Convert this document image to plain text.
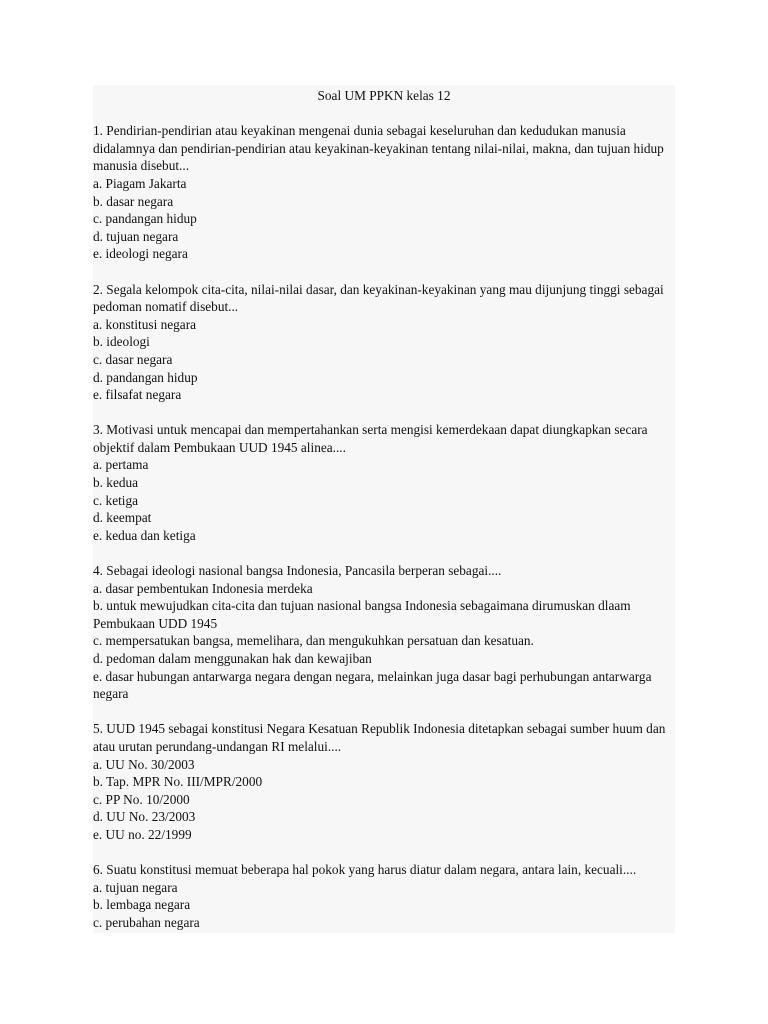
Soal UM PPKN kelas 12

1. Pendirian-pendirian atau keyakinan mengenai dunia sebagai keseluruhan dan kedudukan manusia didalamnya dan pendirian-pendirian atau keyakinan-keyakinan tentang nilai-nilai, makna, dan tujuan hidup manusia disebut...

a. Piagam Jakarta

b. dasar negara

c. pandangan hidup

d. tujuan negara

e. ideologi negara

2. Segala kelompok cita-cita, nilai-nilai dasar, dan keyakinan-keyakinan yang mau dijunjung tinggi sebagai pedoman nomatif disebut...

a. konstitusi negara

b. ideologi

c. dasar negara

d. pandangan hidup

e. filsafat negara

3. Motivasi untuk mencapai dan mempertahankan serta mengisi kemerdekaan dapat diungkapkan secara objektif dalam Pembukaan UUD 1945 alinea....

a. pertama

b. kedua

c. ketiga

d. keempat

e. kedua dan ketiga

4. Sebagai ideologi nasional bangsa Indonesia, Pancasila berperan sebagai....

a. dasar pembentukan Indonesia merdeka

b. untuk mewujudkan cita-cita dan tujuan nasional bangsa Indonesia sebagaimana dirumuskan dlaam Pembukaan UDD 1945

c. mempersatukan bangsa, memelihara, dan mengukuhkan persatuan dan kesatuan.

d. pedoman dalam menggunakan hak dan kewajiban

e. dasar hubungan antarwarga negara dengan negara, melainkan juga dasar bagi perhubungan antarwarga negara

5. UUD 1945 sebagai konstitusi Negara Kesatuan Republik Indonesia ditetapkan sebagai sumber huum dan atau urutan perundang-undangan RI melalui....

a. UU No. 30/2003

b. Tap. MPR No. III/MPR/2000

c. PP No. 10/2000

d. UU No. 23/2003

e. UU no. 22/1999

6. Suatu konstitusi memuat beberapa hal pokok yang harus diatur dalam negara, antara lain, kecuali....

a. tujuan negara

b. lembaga negara

c. perubahan negara
